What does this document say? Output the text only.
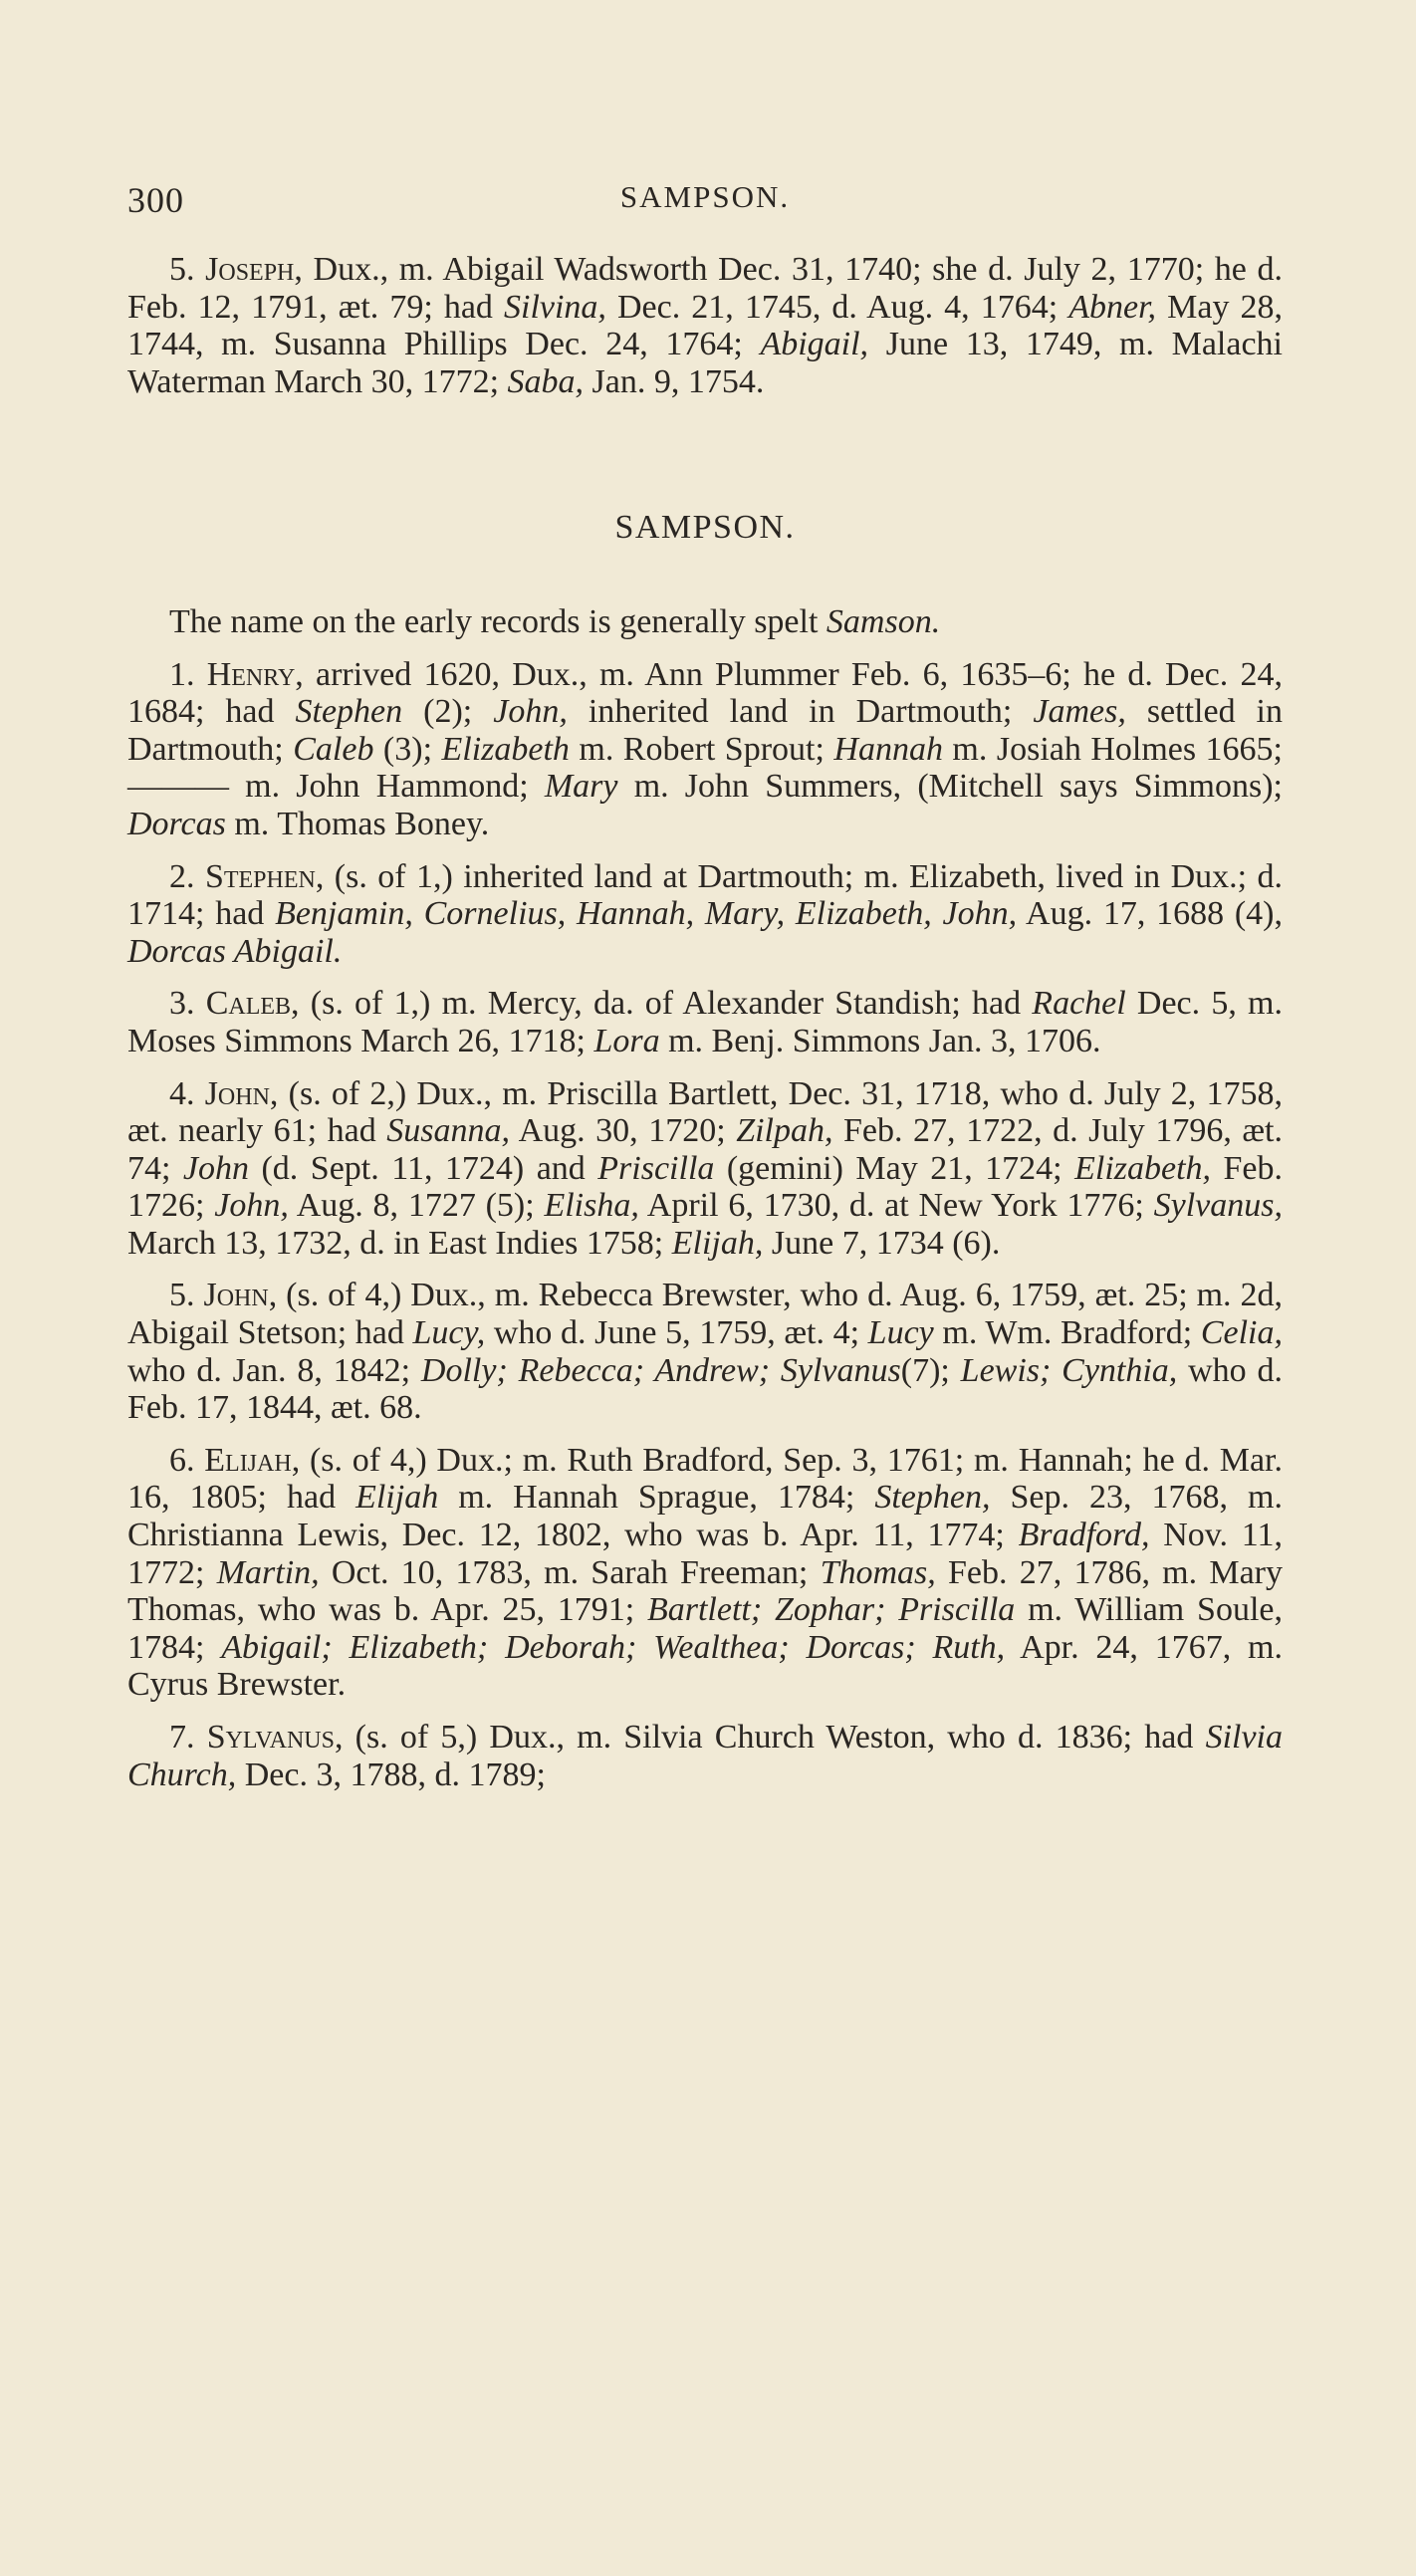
300	SAMPSON.

5. Joseph, Dux., m. Abigail Wadsworth Dec. 31, 1740; she d. July 2, 1770; he d. Feb. 12, 1791, æt. 79; had Silvina, Dec. 21, 1745, d. Aug. 4, 1764; Abner, May 28, 1744, m. Susanna Phillips Dec. 24, 1764; Abigail, June 13, 1749, m. Malachi Waterman March 30, 1772; Saba, Jan. 9, 1754.

SAMPSON.

The name on the early records is generally spelt Samson.

1. Henry, arrived 1620, Dux., m. Ann Plummer Feb. 6, 1635–6; he d. Dec. 24, 1684; had Stephen (2); John, inherited land in Dartmouth; James, settled in Dartmouth; Caleb (3); Elizabeth m. Robert Sprout; Hannah m. Josiah Holmes 1665; ——— m. John Hammond; Mary m. John Summers, (Mitchell says Simmons); Dorcas m. Thomas Boney.

2. Stephen, (s. of 1,) inherited land at Dartmouth; m. Elizabeth, lived in Dux.; d. 1714; had Benjamin, Cornelius, Hannah, Mary, Elizabeth, John, Aug. 17, 1688 (4), Dorcas Abigail.

3. Caleb, (s. of 1,) m. Mercy, da. of Alexander Standish; had Rachel Dec. 5, m. Moses Simmons March 26, 1718; Lora m. Benj. Simmons Jan. 3, 1706.

4. John, (s. of 2,) Dux., m. Priscilla Bartlett, Dec. 31, 1718, who d. July 2, 1758, æt. nearly 61; had Susanna, Aug. 30, 1720; Zilpah, Feb. 27, 1722, d. July 1796, æt. 74; John (d. Sept. 11, 1724) and Priscilla (gemini) May 21, 1724; Elizabeth, Feb. 1726; John, Aug. 8, 1727 (5); Elisha, April 6, 1730, d. at New York 1776; Sylvanus, March 13, 1732, d. in East Indies 1758; Elijah, June 7, 1734 (6).

5. John, (s. of 4,) Dux., m. Rebecca Brewster, who d. Aug. 6, 1759, æt. 25; m. 2d, Abigail Stetson; had Lucy, who d. June 5, 1759, æt. 4; Lucy m. Wm. Bradford; Celia, who d. Jan. 8, 1842; Dolly; Rebecca; Andrew; Sylvanus(7); Lewis; Cynthia, who d. Feb. 17, 1844, æt. 68.

6. Elijah, (s. of 4,) Dux.; m. Ruth Bradford, Sep. 3, 1761; m. Hannah; he d. Mar. 16, 1805; had Elijah m. Hannah Sprague, 1784; Stephen, Sep. 23, 1768, m. Christianna Lewis, Dec. 12, 1802, who was b. Apr. 11, 1774; Bradford, Nov. 11, 1772; Martin, Oct. 10, 1783, m. Sarah Freeman; Thomas, Feb. 27, 1786, m. Mary Thomas, who was b. Apr. 25, 1791; Bartlett; Zophar; Priscilla m. William Soule, 1784; Abigail; Elizabeth; Deborah; Wealthea; Dorcas; Ruth, Apr. 24, 1767, m. Cyrus Brewster.

7. Sylvanus, (s. of 5,) Dux., m. Silvia Church Weston, who d. 1836; had Silvia Church, Dec. 3, 1788, d. 1789;
